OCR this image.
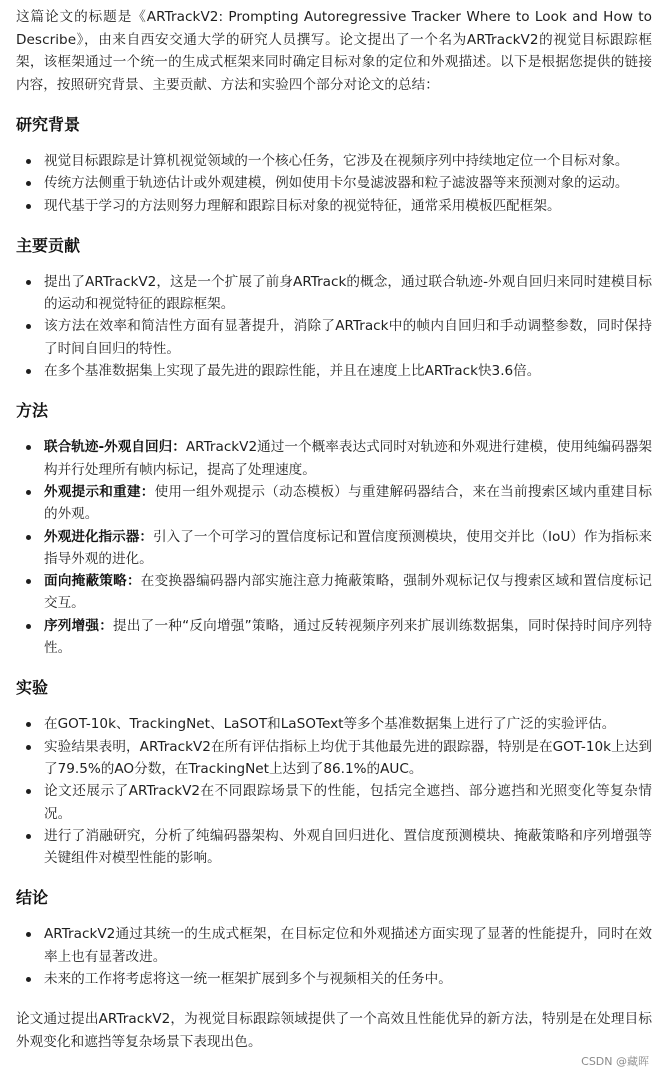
这篇论文的标题是《ARTrackV2: Prompting Autoregressive Tracker Where to Look and How to Describe》，由来自西安交通大学的研究人员撰写。论文提出了一个名为ARTrackV2的视觉目标跟踪框架，该框架通过一个统一的生成式框架来同时确定目标对象的定位和外观描述。以下是根据您提供的链接内容，按照研究背景、主要贡献、方法和实验四个部分对论文的总结：

研究背景
视觉目标跟踪是计算机视觉领域的一个核心任务，它涉及在视频序列中持续地定位一个目标对象。
传统方法侧重于轨迹估计或外观建模，例如使用卡尔曼滤波器和粒子滤波器等来预测对象的运动。
现代基于学习的方法则努力理解和跟踪目标对象的视觉特征，通常采用模板匹配框架。
主要贡献
提出了ARTrackV2，这是一个扩展了前身ARTrack的概念，通过联合轨迹-外观自回归来同时建模目标的运动和视觉特征的跟踪框架。
该方法在效率和简洁性方面有显著提升，消除了ARTrack中的帧内自回归和手动调整参数，同时保持了时间自回归的特性。
在多个基准数据集上实现了最先进的跟踪性能，并且在速度上比ARTrack快3.6倍。
方法
联合轨迹-外观自回归：ARTrackV2通过一个概率表达式同时对轨迹和外观进行建模，使用纯编码器架构并行处理所有帧内标记，提高了处理速度。
外观提示和重建：使用一组外观提示（动态模板）与重建解码器结合，来在当前搜索区域内重建目标的外观。
外观进化指示器：引入了一个可学习的置信度标记和置信度预测模块，使用交并比（IoU）作为指标来指导外观的进化。
面向掩蔽策略：在变换器编码器内部实施注意力掩蔽策略，强制外观标记仅与搜索区域和置信度标记交互。
序列增强：提出了一种“反向增强”策略，通过反转视频序列来扩展训练数据集，同时保持时间序列特性。
实验
在GOT-10k、TrackingNet、LaSOT和LaSOText等多个基准数据集上进行了广泛的实验评估。
实验结果表明，ARTrackV2在所有评估指标上均优于其他最先进的跟踪器，特别是在GOT-10k上达到了79.5%的AO分数，在TrackingNet上达到了86.1%的AUC。
论文还展示了ARTrackV2在不同跟踪场景下的性能，包括完全遮挡、部分遮挡和光照变化等复杂情况。
进行了消融研究，分析了纯编码器架构、外观自回归进化、置信度预测模块、掩蔽策略和序列增强等关键组件对模型性能的影响。
结论
ARTrackV2通过其统一的生成式框架，在目标定位和外观描述方面实现了显著的性能提升，同时在效率上也有显著改进。
未来的工作将考虑将这一统一框架扩展到多个与视频相关的任务中。

论文通过提出ARTrackV2，为视觉目标跟踪领域提供了一个高效且性能优异的新方法，特别是在处理目标外观变化和遮挡等复杂场景下表现出色。

CSDN @藏晖
